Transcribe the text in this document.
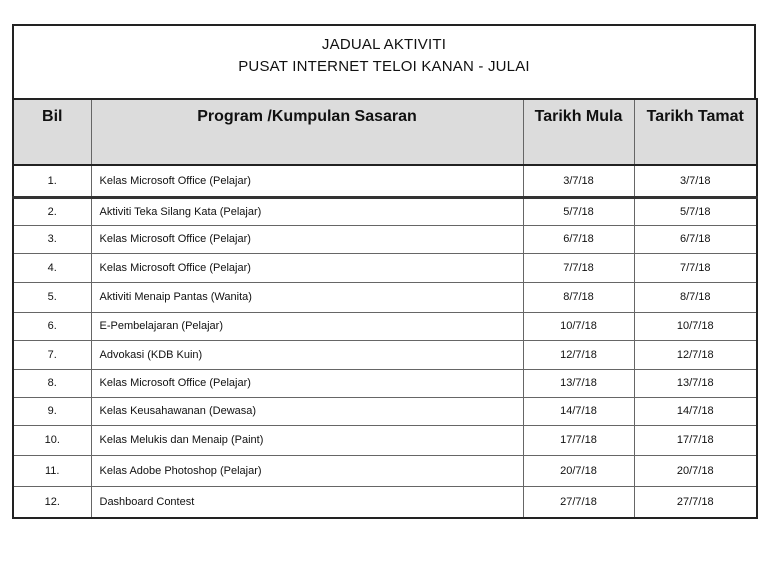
JADUAL AKTIVITI
PUSAT INTERNET TELOI KANAN - JULAI
Bil	Program /Kumpulan Sasaran	Tarikh Mula	Tarikh Tamat
1.	Kelas Microsoft Office (Pelajar)	3/7/18	3/7/18
2.	Aktiviti Teka Silang Kata (Pelajar)	5/7/18	5/7/18
3.	Kelas Microsoft Office (Pelajar)	6/7/18	6/7/18
4.	Kelas Microsoft Office (Pelajar)	7/7/18	7/7/18
5.	Aktiviti Menaip Pantas (Wanita)	8/7/18	8/7/18
6.	E-Pembelajaran (Pelajar)	10/7/18	10/7/18
7.	Advokasi (KDB Kuin)	12/7/18	12/7/18
8.	Kelas Microsoft Office (Pelajar)	13/7/18	13/7/18
9.	Kelas Keusahawanan (Dewasa)	14/7/18	14/7/18
10.	Kelas Melukis dan Menaip (Paint)	17/7/18	17/7/18
11.	Kelas Adobe Photoshop (Pelajar)	20/7/18	20/7/18
12.	Dashboard Contest	27/7/18	27/7/18
